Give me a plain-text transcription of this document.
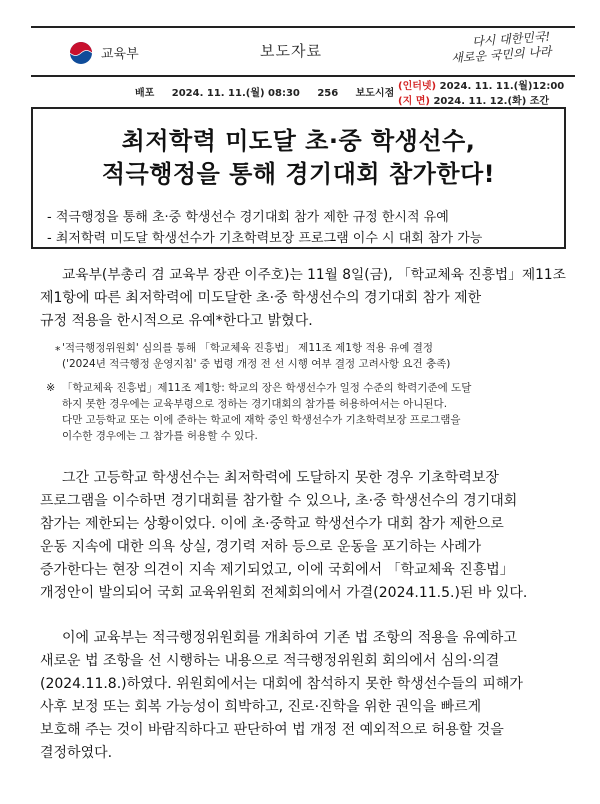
교육부	보도자료
다시 대한민국!
새로운 국민의 나라
배포 2024. 11. 11.(월) 08:30 256 보도시점
(인터넷) 2024. 11. 11.(월)12:00
(지 면) 2024. 11. 12.(화) 조간
최저학력 미도달 초·중 학생선수,
적극행정을 통해 경기대회 참가한다!
- 적극행정을 통해 초·중 학생선수 경기대회 참가 제한 규정 한시적 유예
- 최저학력 미도달 학생선수가 기초학력보장 프로그램 이수 시 대회 참가 가능
교육부(부총리 겸 교육부 장관 이주호)는 11월 8일(금), 「학교체육 진흥법」제11조
제1항에 따른 최저학력에 미도달한 초·중 학생선수의 경기대회 참가 제한
규정 적용을 한시적으로 유예*한다고 밝혔다.
* '적극행정위원회' 심의를 통해 「학교체육 진흥법」 제11조 제1항 적용 유예 결정
('2024년 적극행정 운영지침' 중 법령 개정 전 선 시행 여부 결정 고려사항 요건 충족)
※ 「학교체육 진흥법」제11조 제1항: 학교의 장은 학생선수가 일정 수준의 학력기준에 도달
하지 못한 경우에는 교육부령으로 정하는 경기대회의 참가를 허용하여서는 아니된다.
다만 고등학교 또는 이에 준하는 학교에 재학 중인 학생선수가 기초학력보장 프로그램을
이수한 경우에는 그 참가를 허용할 수 있다.
그간 고등학교 학생선수는 최저학력에 도달하지 못한 경우 기초학력보장
프로그램을 이수하면 경기대회를 참가할 수 있으나, 초·중 학생선수의 경기대회
참가는 제한되는 상황이었다. 이에 초·중학교 학생선수가 대회 참가 제한으로
운동 지속에 대한 의욕 상실, 경기력 저하 등으로 운동을 포기하는 사례가
증가한다는 현장 의견이 지속 제기되었고, 이에 국회에서 「학교체육 진흥법」
개정안이 발의되어 국회 교육위원회 전체회의에서 가결(2024.11.5.)된 바 있다.
이에 교육부는 적극행정위원회를 개최하여 기존 법 조항의 적용을 유예하고
새로운 법 조항을 선 시행하는 내용으로 적극행정위원회 회의에서 심의·의결
(2024.11.8.)하였다. 위원회에서는 대회에 참석하지 못한 학생선수들의 피해가
사후 보정 또는 회복 가능성이 희박하고, 진로·진학을 위한 권익을 빠르게
보호해 주는 것이 바람직하다고 판단하여 법 개정 전 예외적으로 허용할 것을
결정하였다.
